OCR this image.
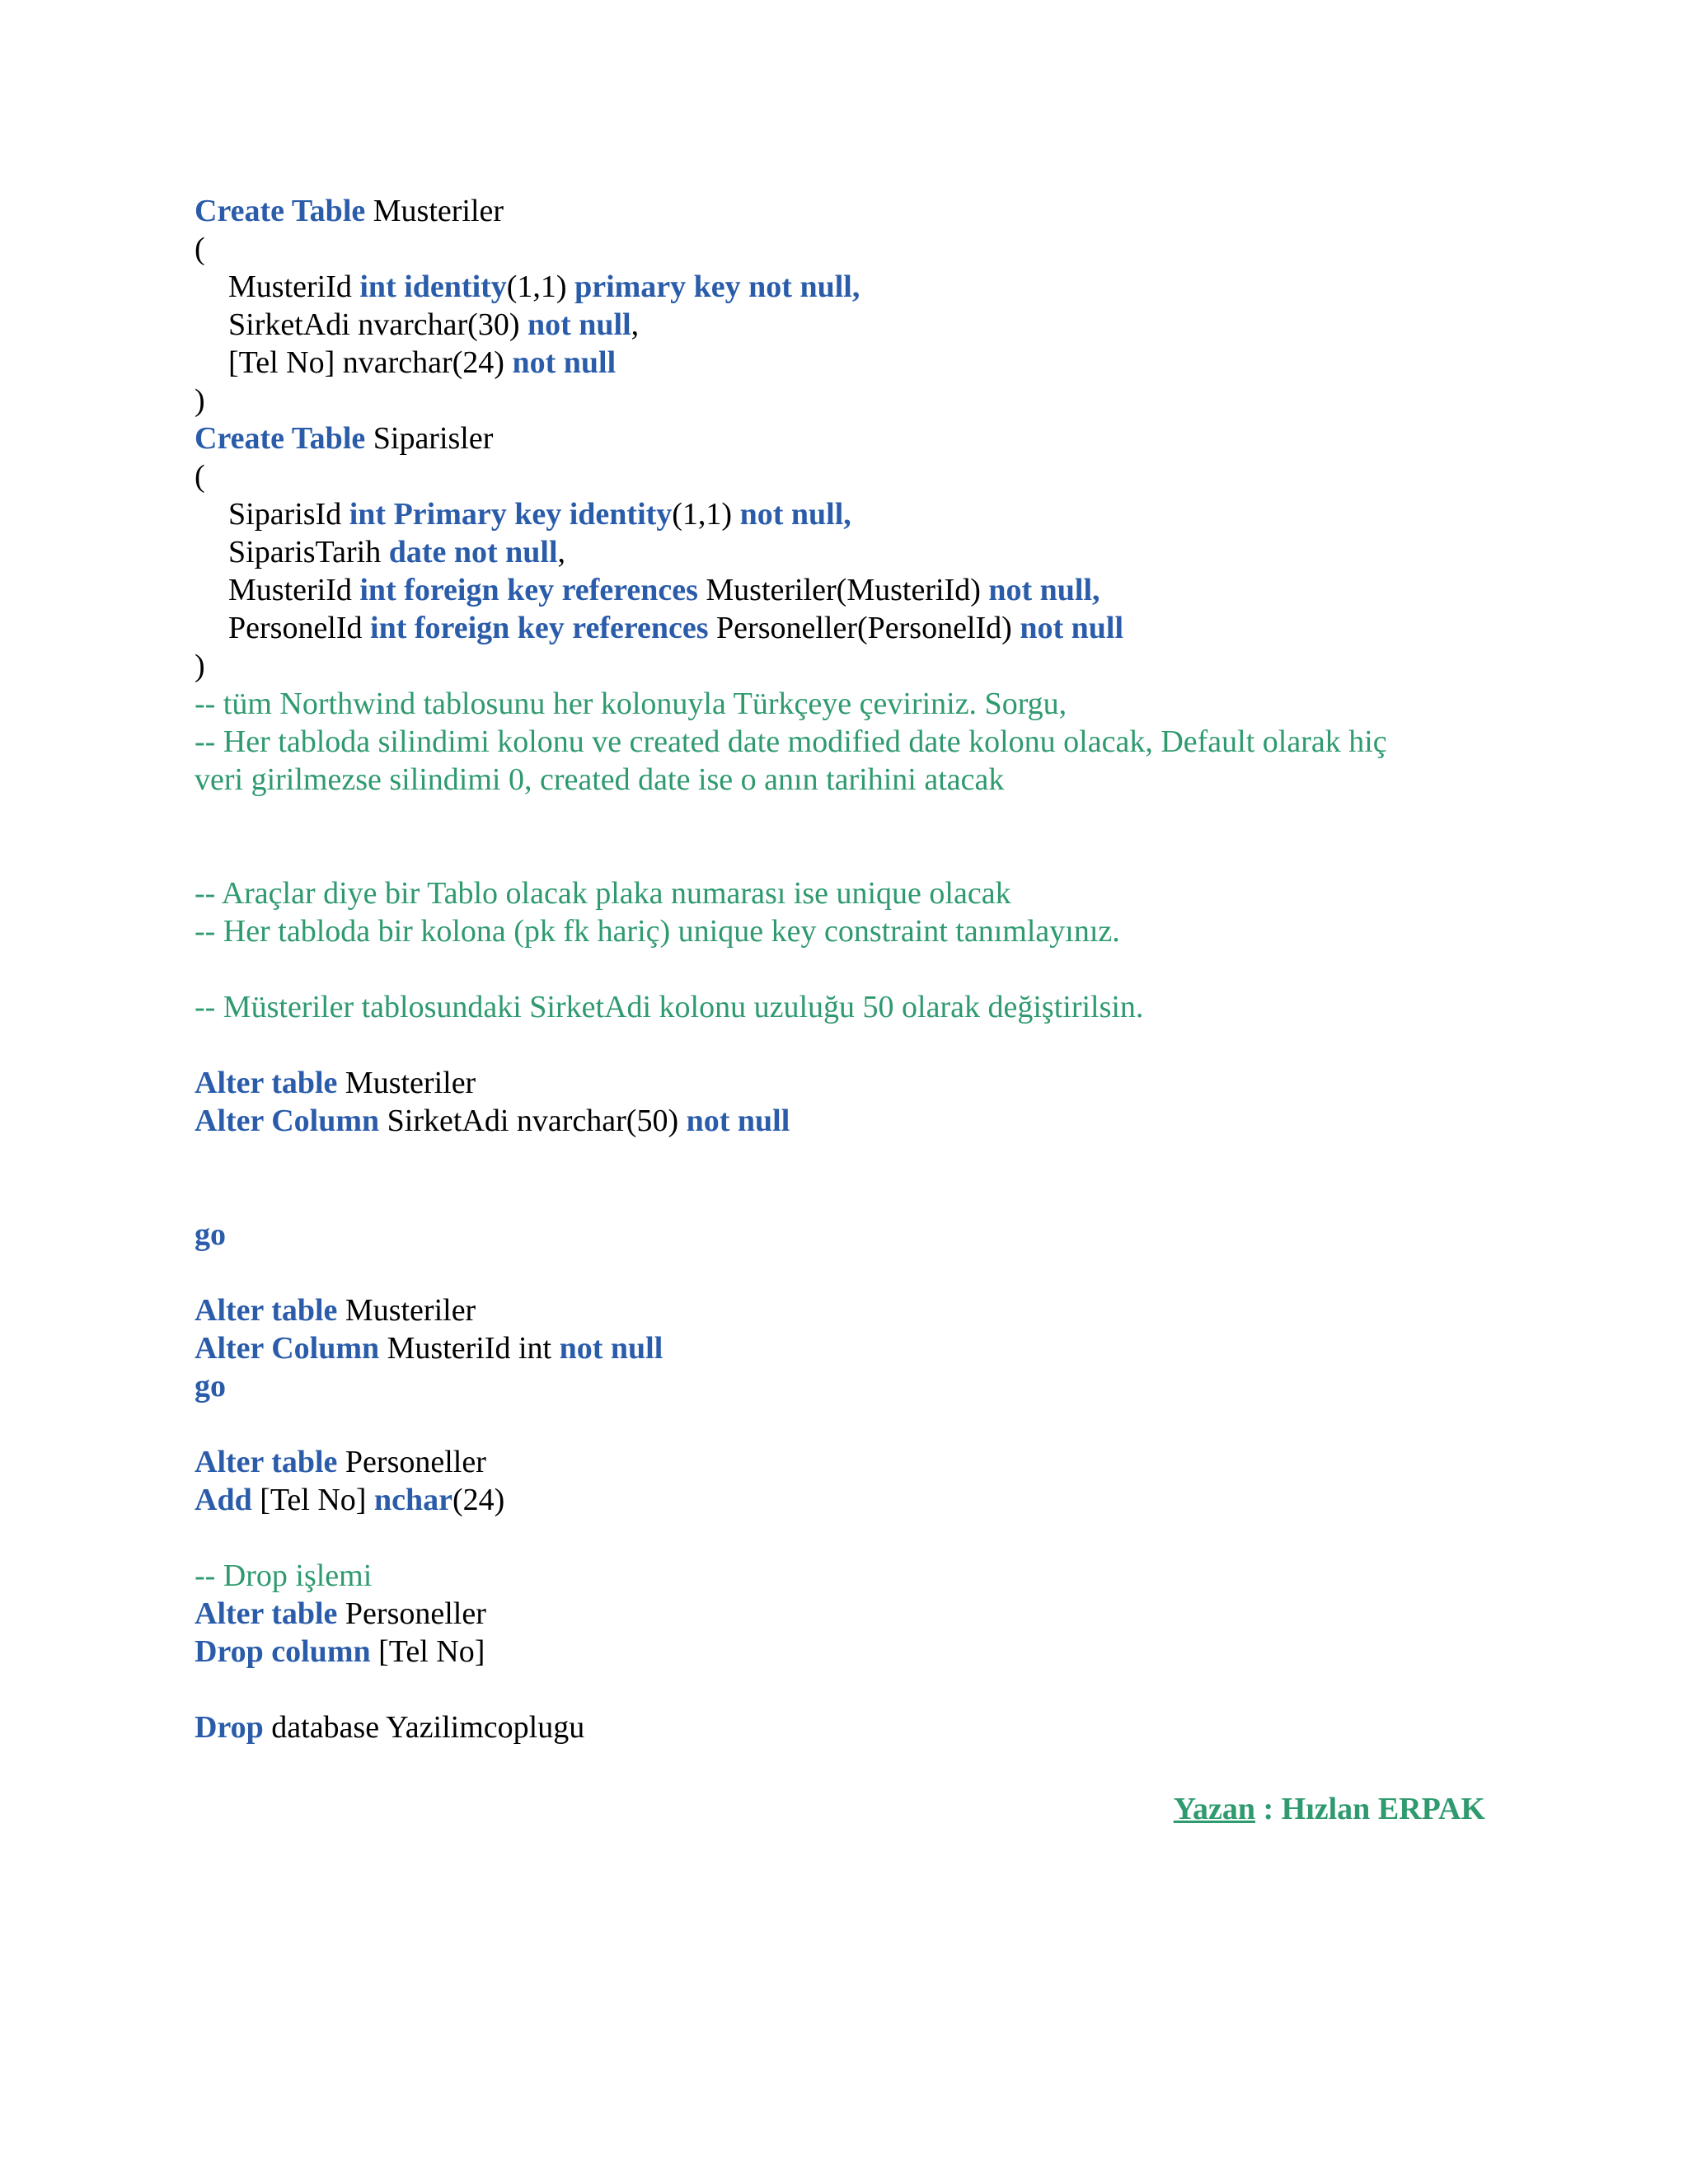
Create Table Musteriler
(
MusteriId int identity(1,1) primary key not null,
SirketAdi nvarchar(30) not null,
[Tel No] nvarchar(24) not null
)
Create Table Siparisler
(
SiparisId int Primary key identity(1,1) not null,
SiparisTarih date not null,
MusteriId int foreign key references Musteriler(MusteriId) not null,
PersonelId int foreign key references Personeller(PersonelId) not null
)
-- tüm Northwind tablosunu her kolonuyla Türkçeye çeviriniz. Sorgu,
-- Her tabloda silindimi kolonu ve created date modified date kolonu olacak, Default olarak hiç
veri girilmezse silindimi 0, created date ise o anın tarihini atacak
-- Araçlar diye bir Tablo olacak plaka numarası ise unique olacak
-- Her tabloda bir kolona (pk fk hariç) unique key constraint tanımlayınız.
-- Müsteriler tablosundaki SirketAdi kolonu uzuluğu 50 olarak değiştirilsin.
Alter table Musteriler
Alter Column SirketAdi nvarchar(50) not null
go
Alter table Musteriler
Alter Column MusteriId int not null
go
Alter table Personeller
Add [Tel No] nchar(24)
-- Drop işlemi
Alter table Personeller
Drop column [Tel No]
Drop database Yazilimcoplugu
Yazan : Hızlan ERPAK
